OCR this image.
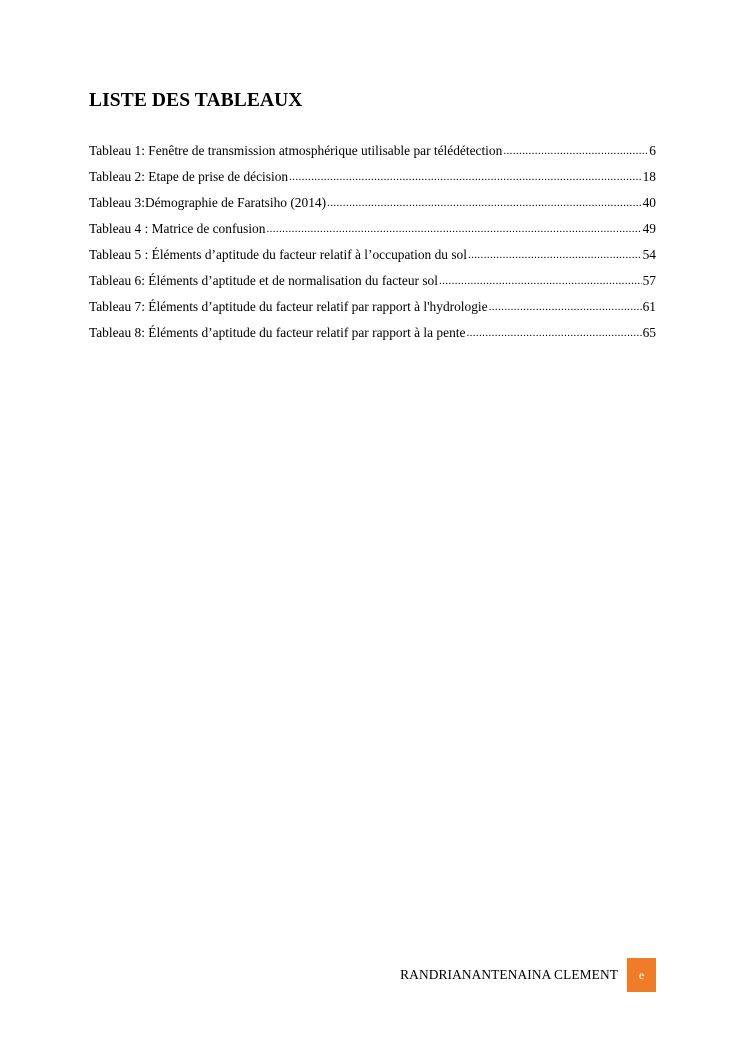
LISTE DES TABLEAUX
Tableau 1: Fenêtre de transmission atmosphérique utilisable par télédétection .....	6
Tableau 2: Etape de prise de décision .....	18
Tableau 3:Démographie de Faratsiho (2014) .....	40
Tableau 4 : Matrice de confusion .....	49
Tableau 5 : Éléments d’aptitude du facteur relatif à l’occupation du sol .....	54
Tableau 6: Éléments d’aptitude et de normalisation du facteur sol .....	57
Tableau 7: Éléments d’aptitude du facteur relatif par rapport à l'hydrologie .....	61
Tableau 8: Éléments d’aptitude du facteur relatif par rapport à la pente .....	65
RANDRIANANTENAINA CLEMENT	e
